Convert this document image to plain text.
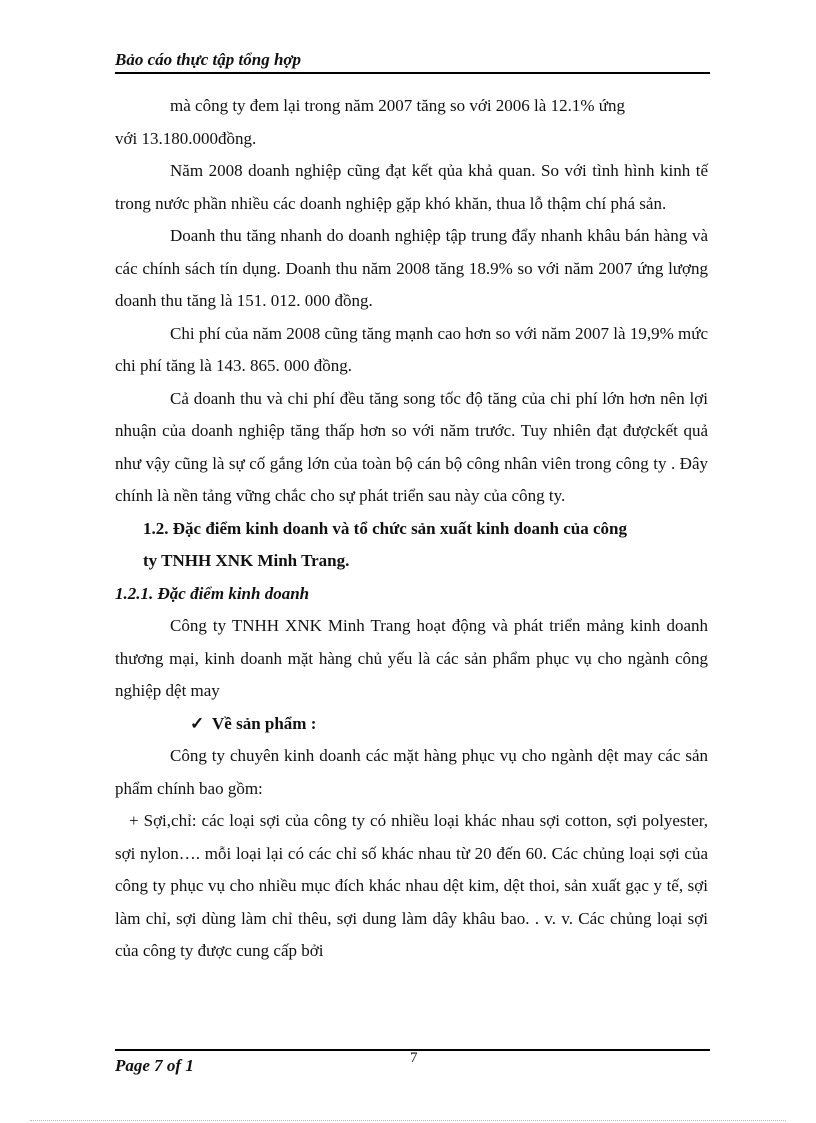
Bảo cáo thực tập tổng hợp

mà công ty đem lại trong năm 2007 tăng so với 2006 là 12.1% ứng
với 13.180.000đồng.

Năm 2008 doanh nghiệp cũng đạt kết qủa khả quan. So với tình hình kinh tế trong nước phần nhiều các doanh nghiệp gặp khó khăn, thua lỗ thậm chí phá sản.

Doanh thu tăng nhanh do doanh nghiệp tập trung đẩy nhanh khâu bán hàng và các chính sách tín dụng. Doanh thu năm 2008 tăng 18.9% so với năm 2007 ứng lượng doanh thu tăng là 151. 012. 000 đồng.

Chi phí của năm 2008 cũng tăng mạnh cao hơn so với năm 2007 là 19,9% mức chi phí tăng là 143. 865. 000 đồng.

Cả doanh thu và chi phí đều tăng song tốc độ tăng của chi phí lớn hơn nên lợi nhuận của doanh nghiệp tăng thấp hơn so với năm trước. Tuy nhiên đạt đượckết quả như vậy cũng là sự cố gắng lớn của toàn bộ cán bộ công nhân viên trong công ty . Đây chính là nền tảng vững chắc cho sự phát triển sau này của công ty.

1.2. Đặc điểm kinh doanh và tổ chức sản xuất kinh doanh của công
ty TNHH XNK Minh Trang.

1.2.1. Đặc điểm kinh doanh

Công ty TNHH XNK Minh Trang hoạt động và phát triển mảng kinh doanh thương mại, kinh doanh mặt hàng chủ yếu là các sản phẩm phục vụ cho ngành công nghiệp dệt may

✓ Về sản phẩm :

Công ty chuyên kinh doanh các mặt hàng phục vụ cho ngành dệt may các sản phẩm chính bao gồm:

+ Sợi,chỉ: các loại sợi của công ty có nhiều loại khác nhau sợi cotton, sợi polyester, sợi nylon…. mỗi loại lại có các chỉ số khác nhau từ 20 đến 60. Các chủng loại sợi của công ty phục vụ cho nhiều mục đích khác nhau dệt kim, dệt thoi, sản xuất gạc y tế, sợi làm chỉ, sợi dùng làm chỉ thêu, sợi dung làm dây khâu bao. . v. v. Các chủng loại sợi của công ty được cung cấp bởi

Page 7 of 1	7
